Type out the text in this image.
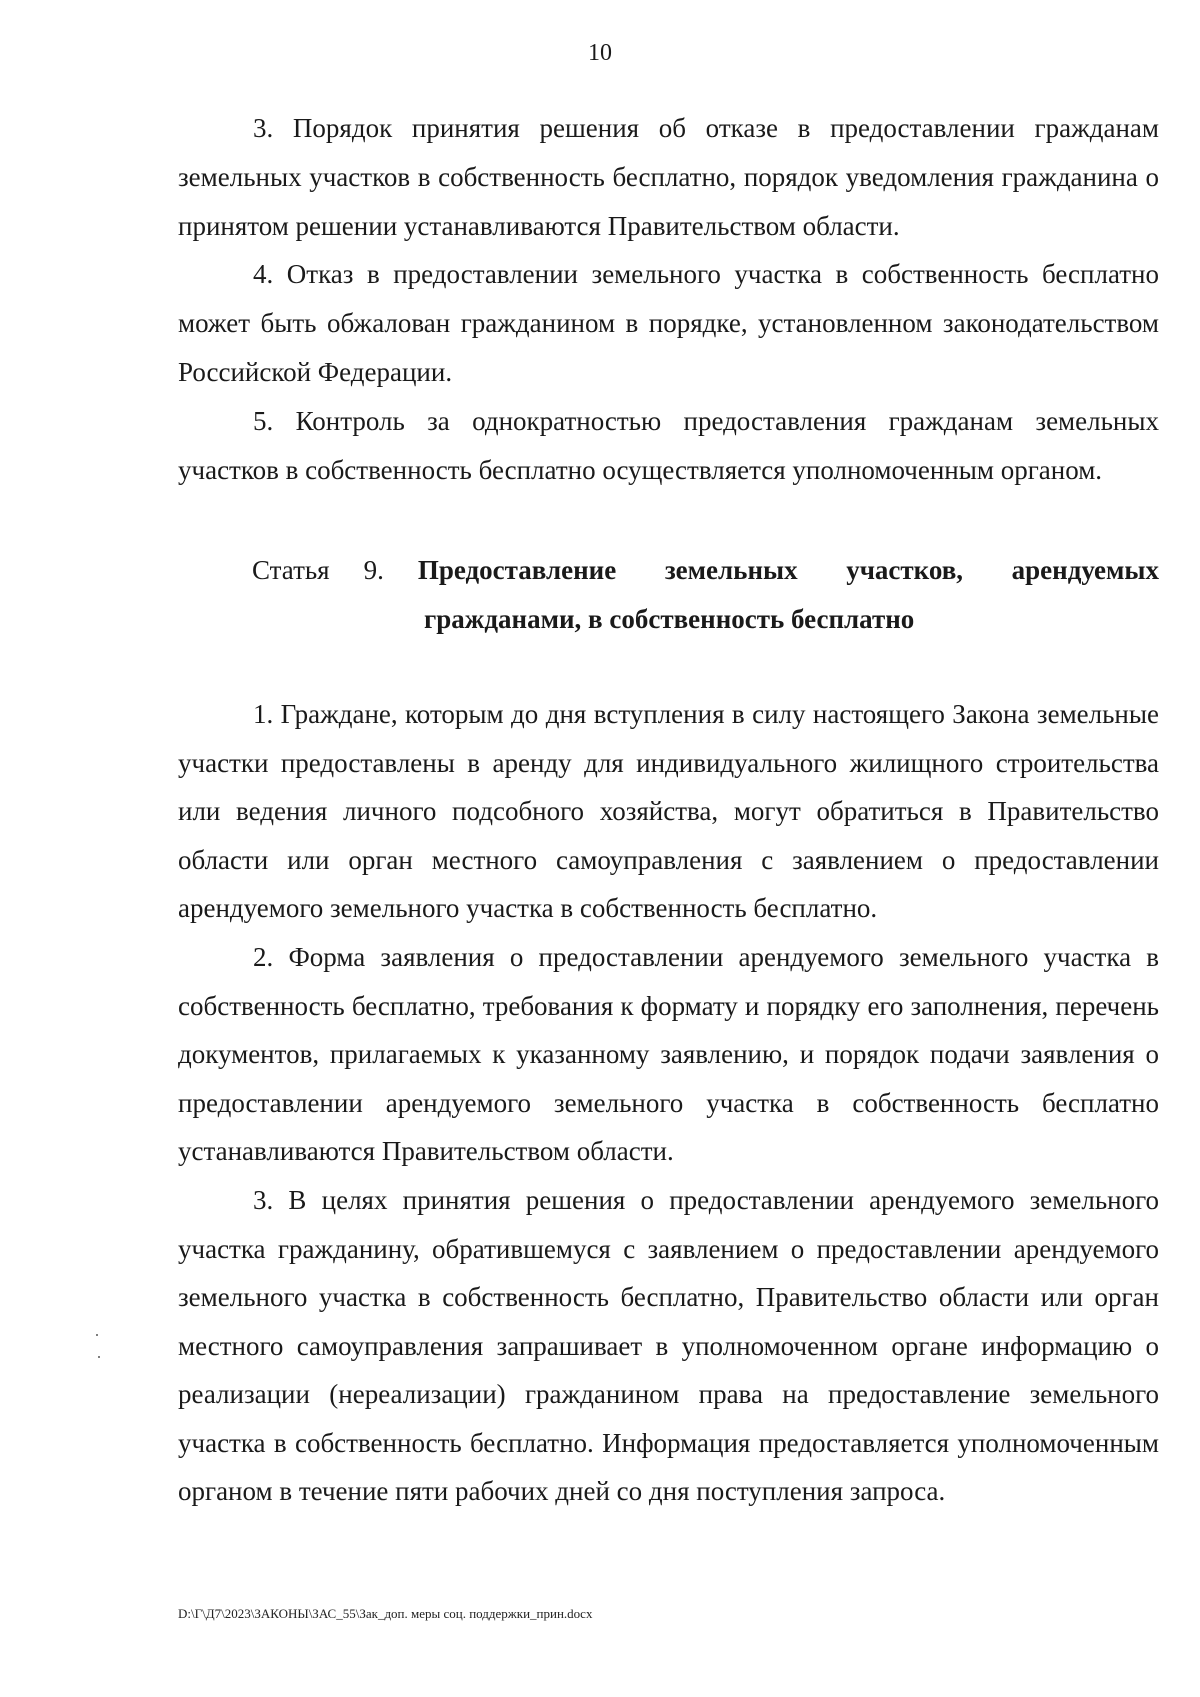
10

3. Порядок принятия решения об отказе в предоставлении гражданам земельных участков в собственность бесплатно, порядок уведомления гражданина о принятом решении устанавливаются Правительством области.

4. Отказ в предоставлении земельного участка в собственность бесплатно может быть обжалован гражданином в порядке, установленном законодательством Российской Федерации.

5. Контроль за однократностью предоставления гражданам земельных участков в собственность бесплатно осуществляется уполномоченным органом.

Статья 9.	Предоставление земельных участков, арендуемых
гражданами, в собственность бесплатно

1. Граждане, которым до дня вступления в силу настоящего Закона земельные участки предоставлены в аренду для индивидуального жилищного строительства или ведения личного подсобного хозяйства, могут обратиться в Правительство области или орган местного самоуправления с заявлением о предоставлении арендуемого земельного участка в собственность бесплатно.

2. Форма заявления о предоставлении арендуемого земельного участка в собственность бесплатно, требования к формату и порядку его заполнения, перечень документов, прилагаемых к указанному заявлению, и порядок подачи заявления о предоставлении арендуемого земельного участка в собственность бесплатно устанавливаются Правительством области.

3. В целях принятия решения о предоставлении арендуемого земельного участка гражданину, обратившемуся с заявлением о предоставлении арендуемого земельного участка в собственность бесплатно, Правительство области или орган местного самоуправления запрашивает в уполномоченном органе информацию о реализации (нереализации) гражданином права на предоставление земельного участка в собственность бесплатно. Информация предоставляется уполномоченным органом в течение пяти рабочих дней со дня поступления запроса.

D:\Г\Д7\2023\ЗАКОНЫ\ЗАС_55\Зак_доп. меры соц. поддержки_прин.docx
